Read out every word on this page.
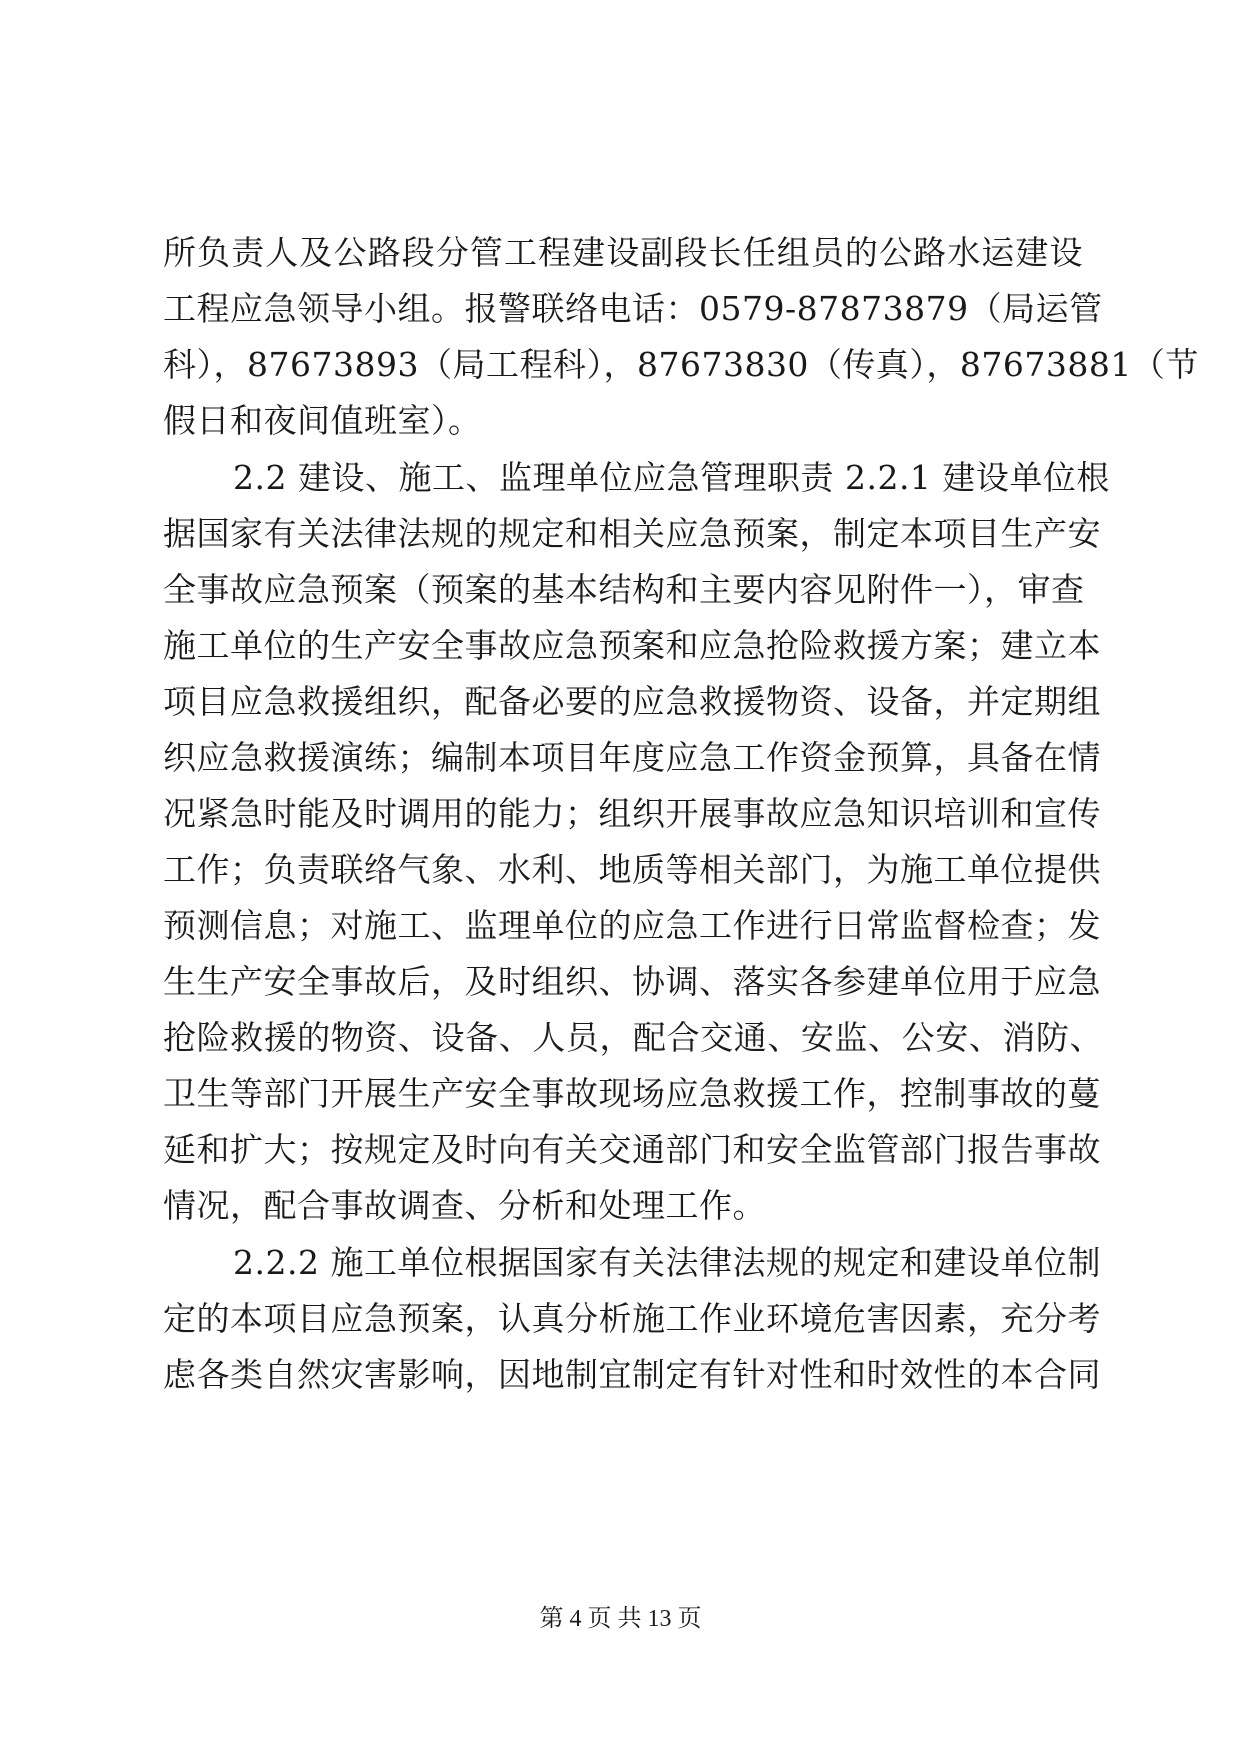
所负责人及公路段分管工程建设副段长任组员的公路水运建设
工程应急领导小组。报警联络电话：0579-87873879（局运管
科），87673893（局工程科），87673830（传真），87673881（节
假日和夜间值班室）。
2.2 建设、施工、监理单位应急管理职责 2.2.1 建设单位根
据国家有关法律法规的规定和相关应急预案，制定本项目生产安
全事故应急预案（预案的基本结构和主要内容见附件一），审查
施工单位的生产安全事故应急预案和应急抢险救援方案；建立本
项目应急救援组织，配备必要的应急救援物资、设备，并定期组
织应急救援演练；编制本项目年度应急工作资金预算，具备在情
况紧急时能及时调用的能力；组织开展事故应急知识培训和宣传
工作；负责联络气象、水利、地质等相关部门，为施工单位提供
预测信息；对施工、监理单位的应急工作进行日常监督检查；发
生生产安全事故后，及时组织、协调、落实各参建单位用于应急
抢险救援的物资、设备、人员，配合交通、安监、公安、消防、
卫生等部门开展生产安全事故现场应急救援工作，控制事故的蔓
延和扩大；按规定及时向有关交通部门和安全监管部门报告事故
情况，配合事故调查、分析和处理工作。
2.2.2 施工单位根据国家有关法律法规的规定和建设单位制
定的本项目应急预案，认真分析施工作业环境危害因素，充分考
虑各类自然灾害影响，因地制宜制定有针对性和时效性的本合同
第 4 页 共 13 页
